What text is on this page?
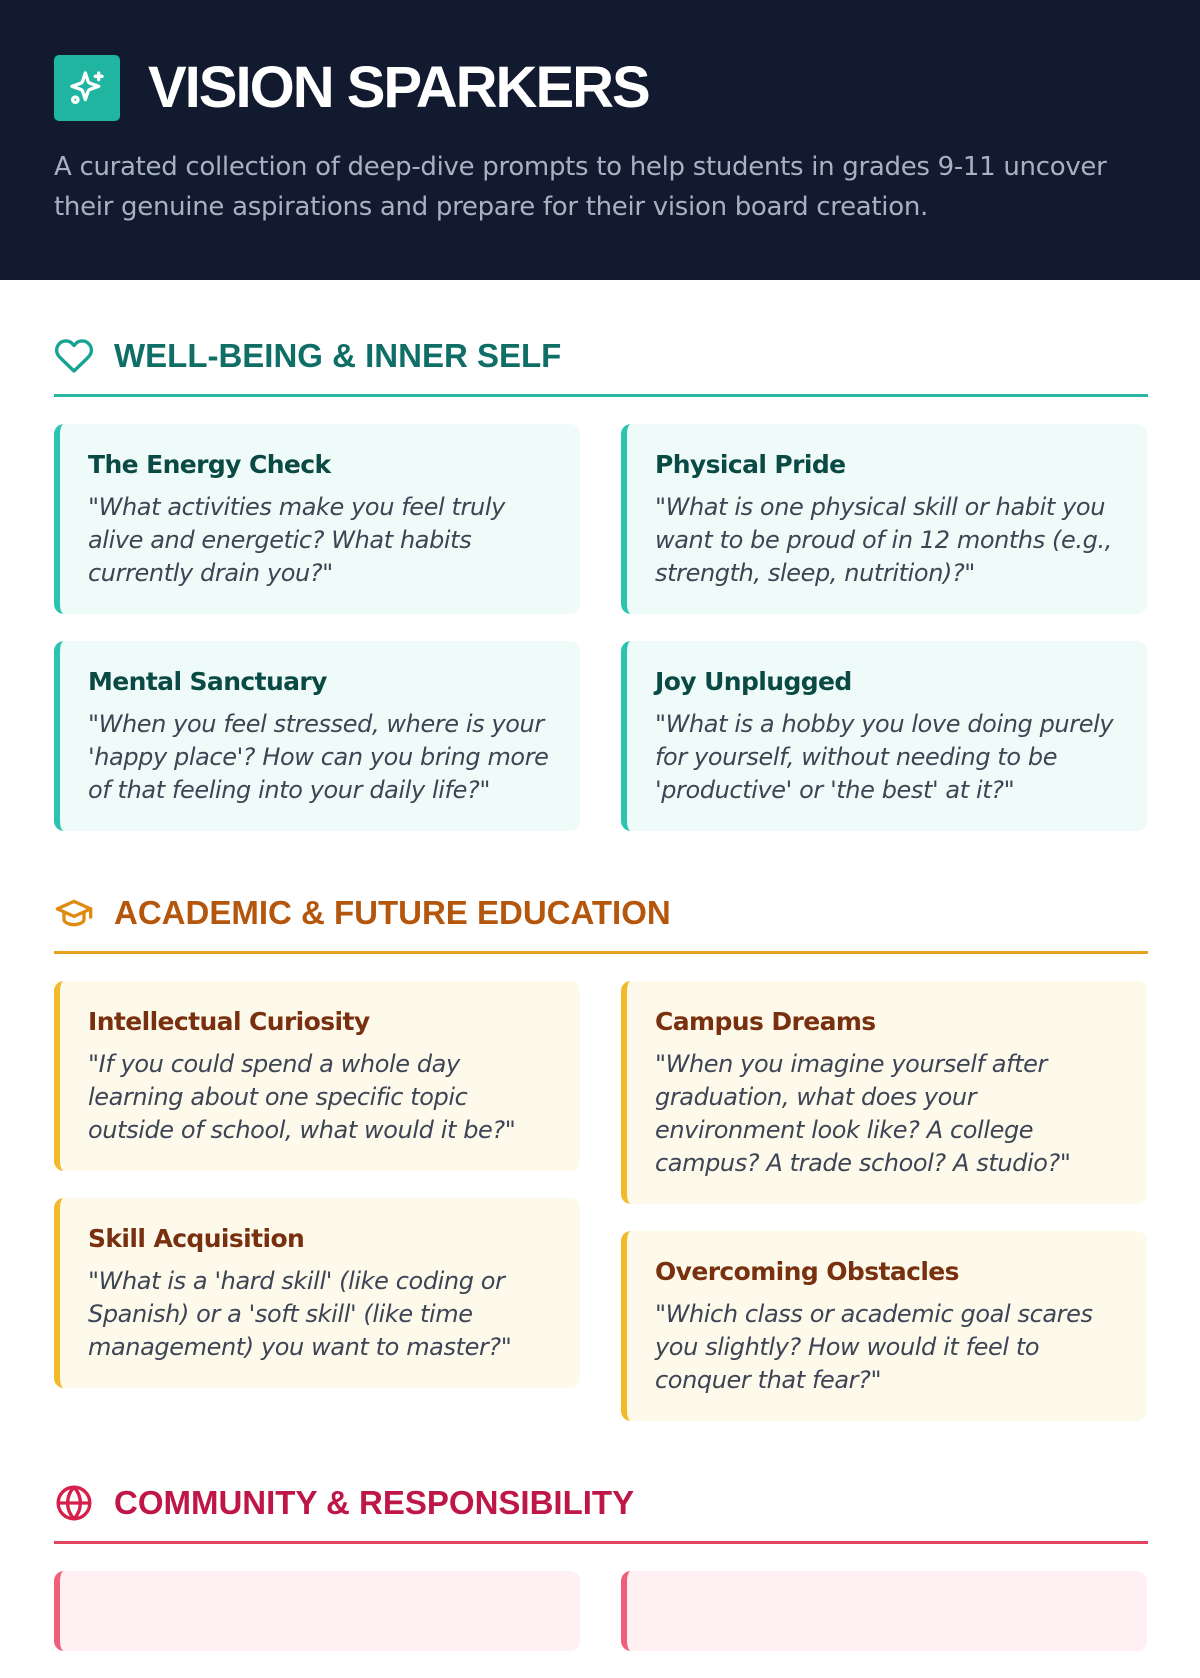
VISION SPARKERS
A curated collection of deep-dive prompts to help students in grades 9-11 uncover their genuine aspirations and prepare for their vision board creation.
WELL-BEING & INNER SELF
The Energy Check
"What activities make you feel truly alive and energetic? What habits currently drain you?"
Mental Sanctuary
"When you feel stressed, where is your 'happy place'? How can you bring more of that feeling into your daily life?"
Physical Pride
"What is one physical skill or habit you want to be proud of in 12 months (e.g., strength, sleep, nutrition)?"
Joy Unplugged
"What is a hobby you love doing purely for yourself, without needing to be 'productive' or 'the best' at it?"
ACADEMIC & FUTURE EDUCATION
Intellectual Curiosity
"If you could spend a whole day learning about one specific topic outside of school, what would it be?"
Skill Acquisition
"What is a 'hard skill' (like coding or Spanish) or a 'soft skill' (like time management) you want to master?"
Campus Dreams
"When you imagine yourself after graduation, what does your environment look like? A college campus? A trade school? A studio?"
Overcoming Obstacles
"Which class or academic goal scares you slightly? How would it feel to conquer that fear?"
COMMUNITY & RESPONSIBILITY
